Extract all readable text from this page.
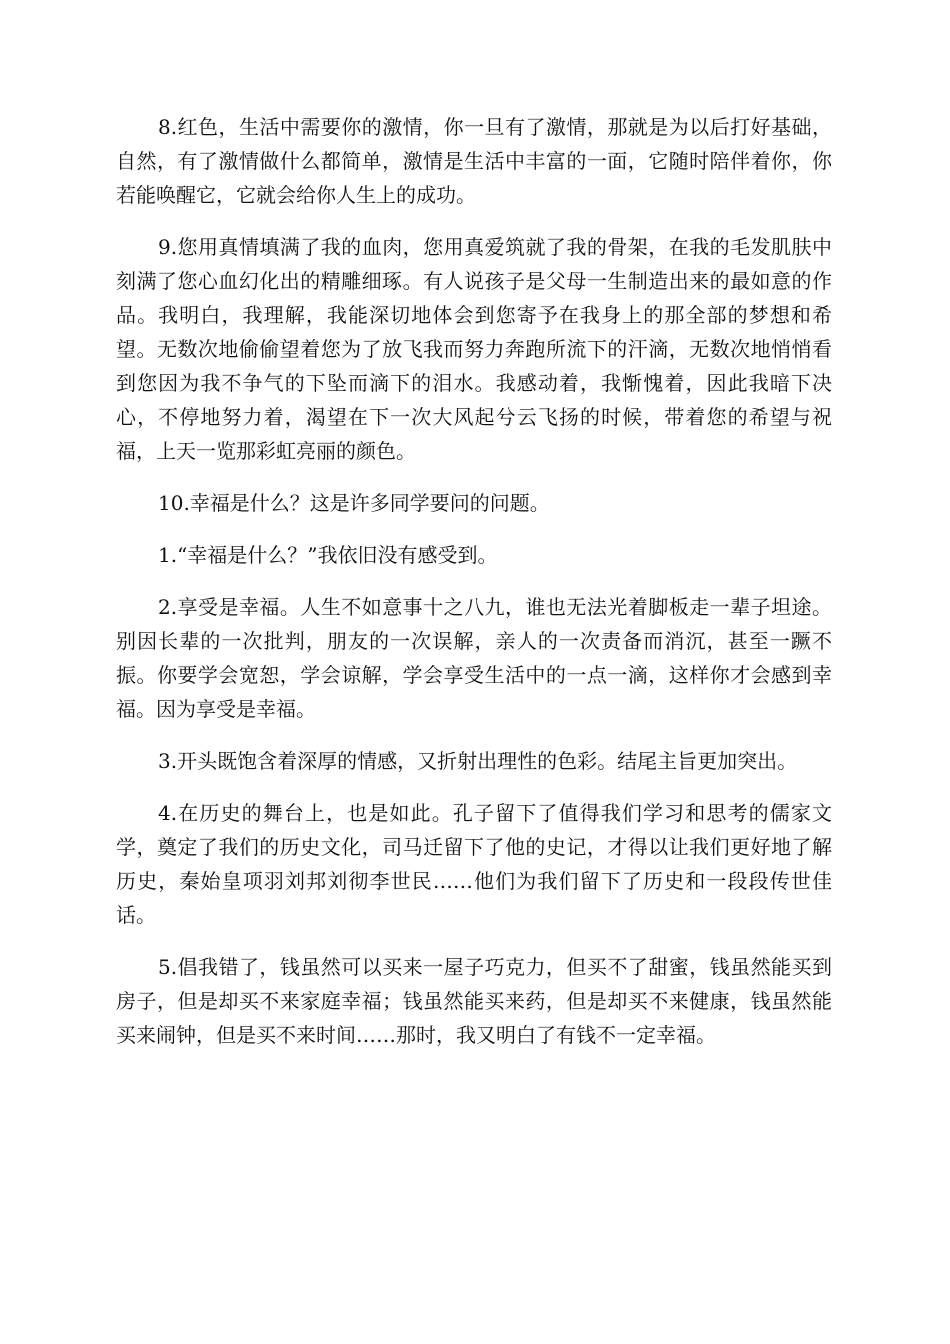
8.红色，生活中需要你的激情，你一旦有了激情，那就是为以后打好基础，自然，有了激情做什么都简单，激情是生活中丰富的一面，它随时陪伴着你，你若能唤醒它，它就会给你人生上的成功。

9.您用真情填满了我的血肉，您用真爱筑就了我的骨架，在我的毛发肌肤中刻满了您心血幻化出的精雕细琢。有人说孩子是父母一生制造出来的最如意的作品。我明白，我理解，我能深切地体会到您寄予在我身上的那全部的梦想和希望。无数次地偷偷望着您为了放飞我而努力奔跑所流下的汗滴，无数次地悄悄看到您因为我不争气的下坠而滴下的泪水。我感动着，我惭愧着，因此我暗下决心，不停地努力着，渴望在下一次大风起兮云飞扬的时候，带着您的希望与祝福，上天一览那彩虹亮丽的颜色。

10.幸福是什么？这是许多同学要问的问题。

1.“幸福是什么？”我依旧没有感受到。

2.享受是幸福。人生不如意事十之八九，谁也无法光着脚板走一辈子坦途。别因长辈的一次批判，朋友的一次误解，亲人的一次责备而消沉，甚至一蹶不振。你要学会宽恕，学会谅解，学会享受生活中的一点一滴，这样你才会感到幸福。因为享受是幸福。

3.开头既饱含着深厚的情感，又折射出理性的色彩。结尾主旨更加突出。

4.在历史的舞台上，也是如此。孔子留下了值得我们学习和思考的儒家文学，奠定了我们的历史文化，司马迁留下了他的史记，才得以让我们更好地了解历史，秦始皇项羽刘邦刘彻李世民……他们为我们留下了历史和一段段传世佳话。

5.倡我错了，钱虽然可以买来一屋子巧克力，但买不了甜蜜，钱虽然能买到房子，但是却买不来家庭幸福；钱虽然能买来药，但是却买不来健康，钱虽然能买来闹钟，但是买不来时间……那时，我又明白了有钱不一定幸福。
